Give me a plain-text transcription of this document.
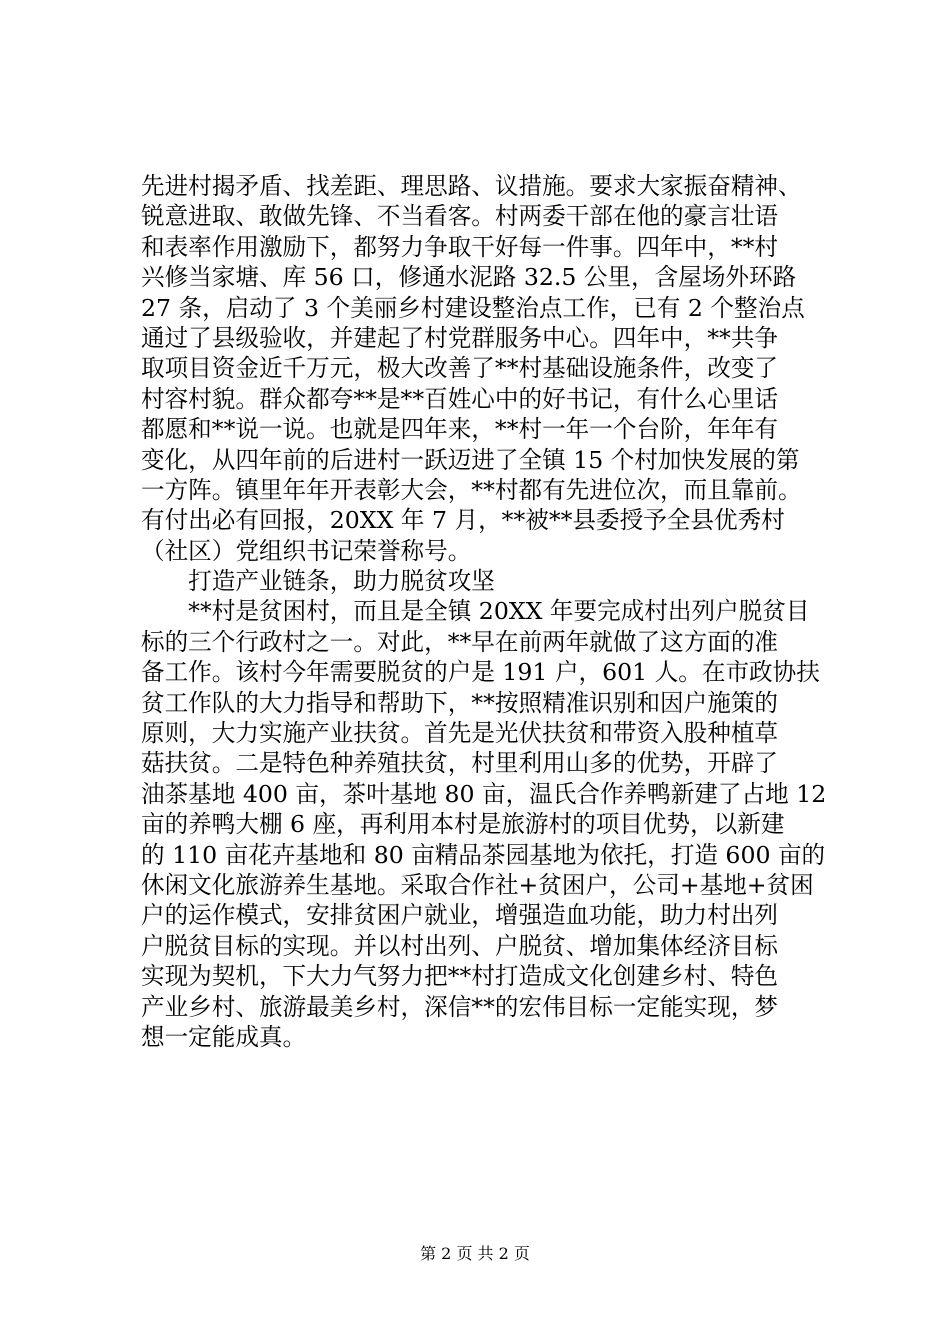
先进村揭矛盾、找差距、理思路、议措施。要求大家振奋精神、
锐意进取、敢做先锋、不当看客。村两委干部在他的豪言壮语
和表率作用激励下，都努力争取干好每一件事。四年中，**村
兴修当家塘、库 56 口，修通水泥路 32.5 公里，含屋场外环路
27 条，启动了 3 个美丽乡村建设整治点工作，已有 2 个整治点
通过了县级验收，并建起了村党群服务中心。四年中，**共争
取项目资金近千万元，极大改善了**村基础设施条件，改变了
村容村貌。群众都夸**是**百姓心中的好书记，有什么心里话
都愿和**说一说。也就是四年来，**村一年一个台阶，年年有
变化，从四年前的后进村一跃迈进了全镇 15 个村加快发展的第
一方阵。镇里年年开表彰大会，**村都有先进位次，而且靠前。
有付出必有回报，20XX 年 7 月，**被**县委授予全县优秀村
（社区）党组织书记荣誉称号。
　　打造产业链条，助力脱贫攻坚
　　**村是贫困村，而且是全镇 20XX 年要完成村出列户脱贫目
标的三个行政村之一。对此，**早在前两年就做了这方面的准
备工作。该村今年需要脱贫的户是 191 户，601 人。在市政协扶
贫工作队的大力指导和帮助下，**按照精准识别和因户施策的
原则，大力实施产业扶贫。首先是光伏扶贫和带资入股种植草
菇扶贫。二是特色种养殖扶贫，村里利用山多的优势，开辟了
油茶基地 400 亩，茶叶基地 80 亩，温氏合作养鸭新建了占地 12
亩的养鸭大棚 6 座，再利用本村是旅游村的项目优势，以新建
的 110 亩花卉基地和 80 亩精品茶园基地为依托，打造 600 亩的
休闲文化旅游养生基地。采取合作社+贫困户，公司+基地+贫困
户的运作模式，安排贫困户就业，增强造血功能，助力村出列
户脱贫目标的实现。并以村出列、户脱贫、增加集体经济目标
实现为契机，下大力气努力把**村打造成文化创建乡村、特色
产业乡村、旅游最美乡村，深信**的宏伟目标一定能实现，梦
想一定能成真。
第 2 页 共 2 页
